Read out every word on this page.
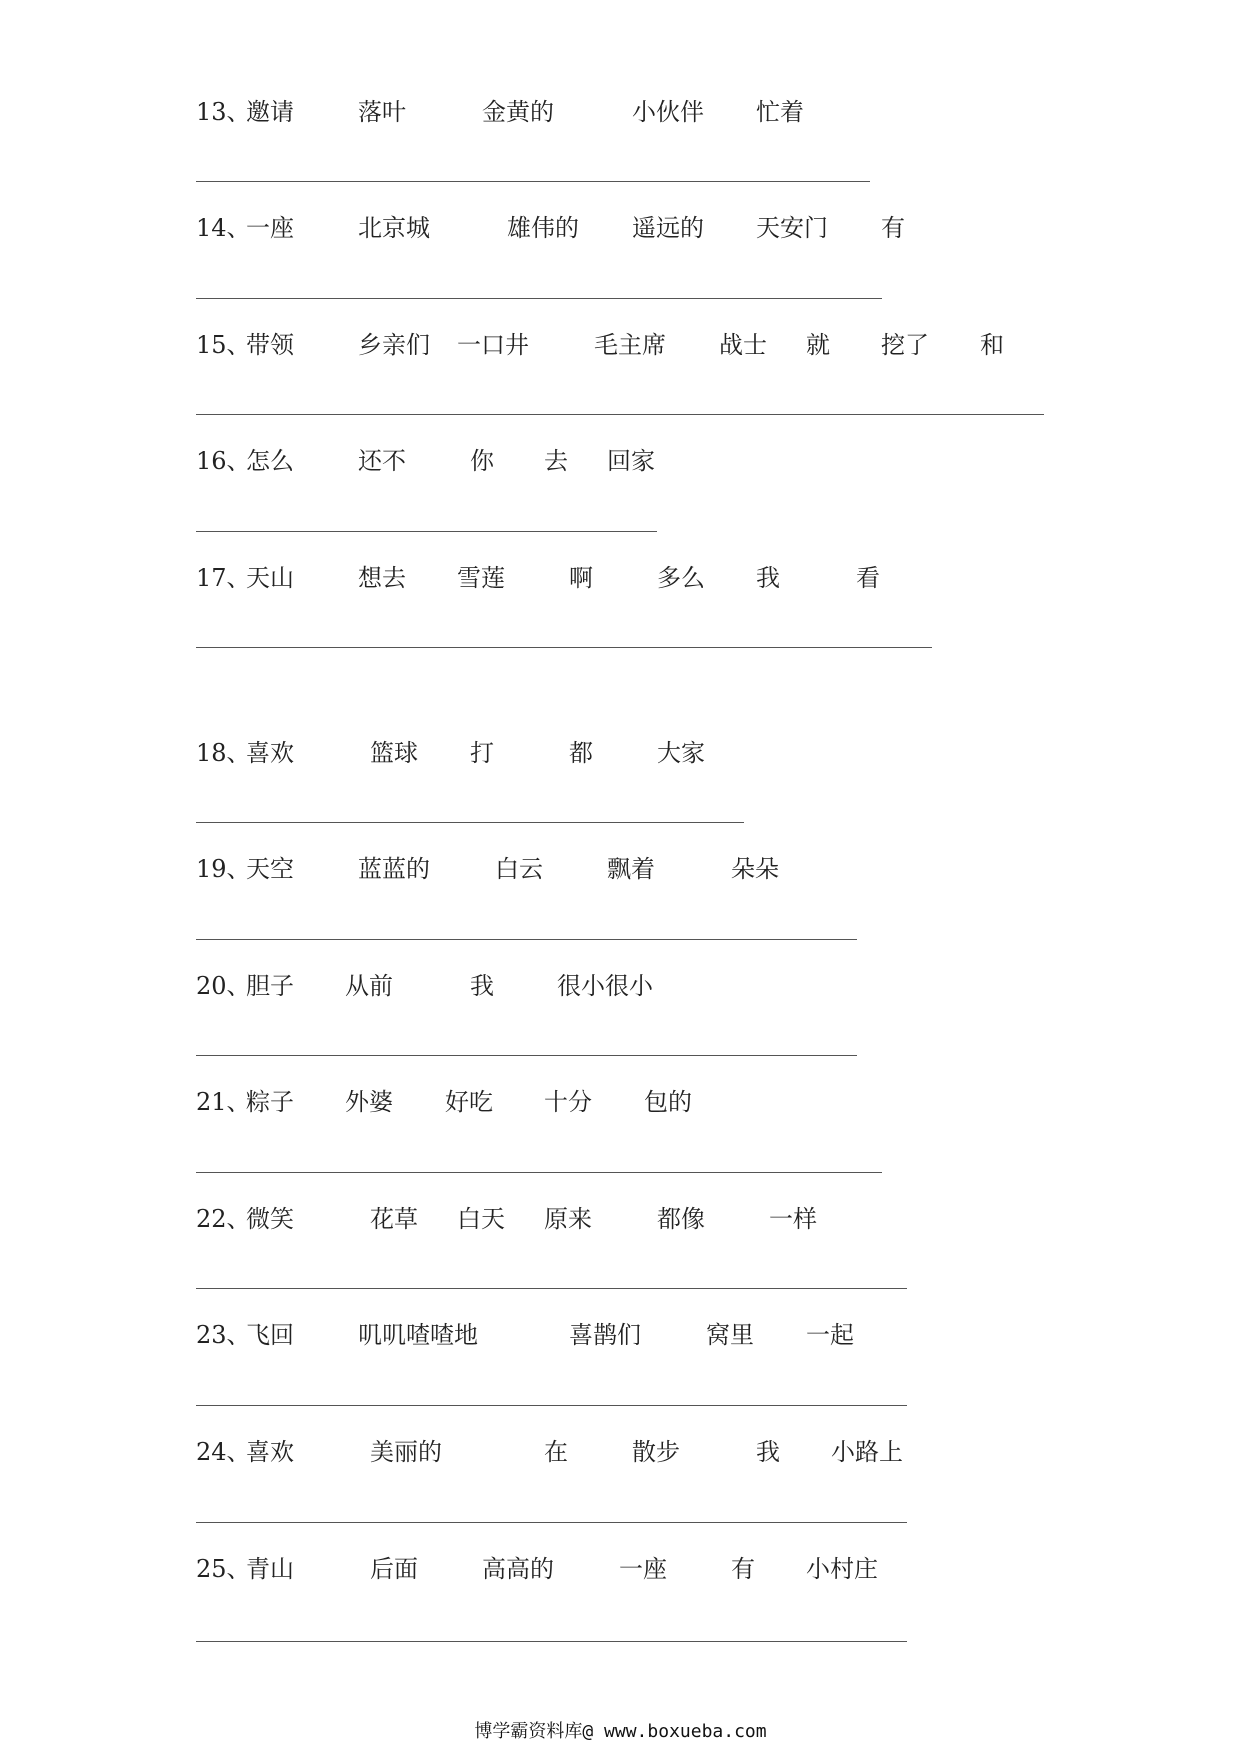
13、
邀请	落叶	金黄的	小伙伴 忙着
14、
一座	北京城	雄伟的 遥远的 天安门 有
15、
带领	乡亲们 一口井	毛主席 战士 就 挖了 和
16、
怎么	还不	你 去 回家
17、
天山	想去 雪莲	啊	多么 我	看
18、
喜欢	篮球 打	都	大家
19、
天空	蓝蓝的	白云	飘着	朵朵
20、
胆子 从前	我	很小很小
21、
粽子 外婆 好吃 十分 包的
22、
微笑	花草 白天 原来	都像	一样
23、
飞回	叽叽喳喳地	喜鹊们	窝里 一起
24、
喜欢	美丽的	在	散步	我 小路上
25、
青山	后面	高高的	一座	有 小村庄
博学霸资料库@ www.boxueba.com
